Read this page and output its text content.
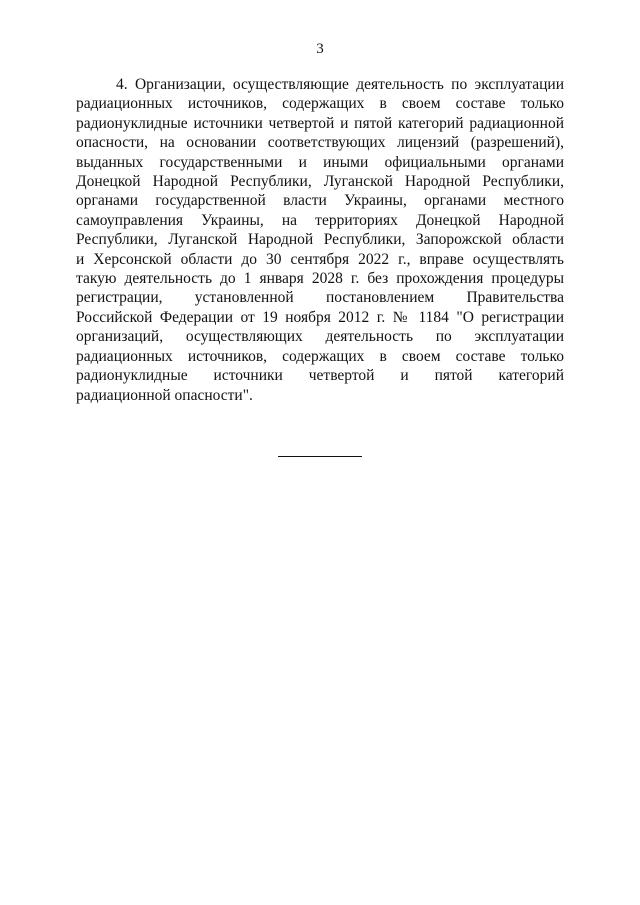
3

4. Организации, осуществляющие деятельность по эксплуатации
радиационных источников, содержащих в своем составе только
радионуклидные источники четвертой и пятой категорий радиационной
опасности, на основании соответствующих лицензий (разрешений),
выданных государственными и иными официальными органами
Донецкой Народной Республики, Луганской Народной Республики,
органами государственной власти Украины, органами местного
самоуправления Украины, на территориях Донецкой Народной
Республики, Луганской Народной Республики, Запорожской области
и Херсонской области до 30 сентября 2022 г., вправе осуществлять
такую деятельность до 1 января 2028 г. без прохождения процедуры
регистрации, установленной постановлением Правительства
Российской Федерации от 19 ноября 2012 г. № 1184 "О регистрации
организаций, осуществляющих деятельность по эксплуатации
радиационных источников, содержащих в своем составе только
радионуклидные источники четвертой и пятой категорий
радиационной опасности".
